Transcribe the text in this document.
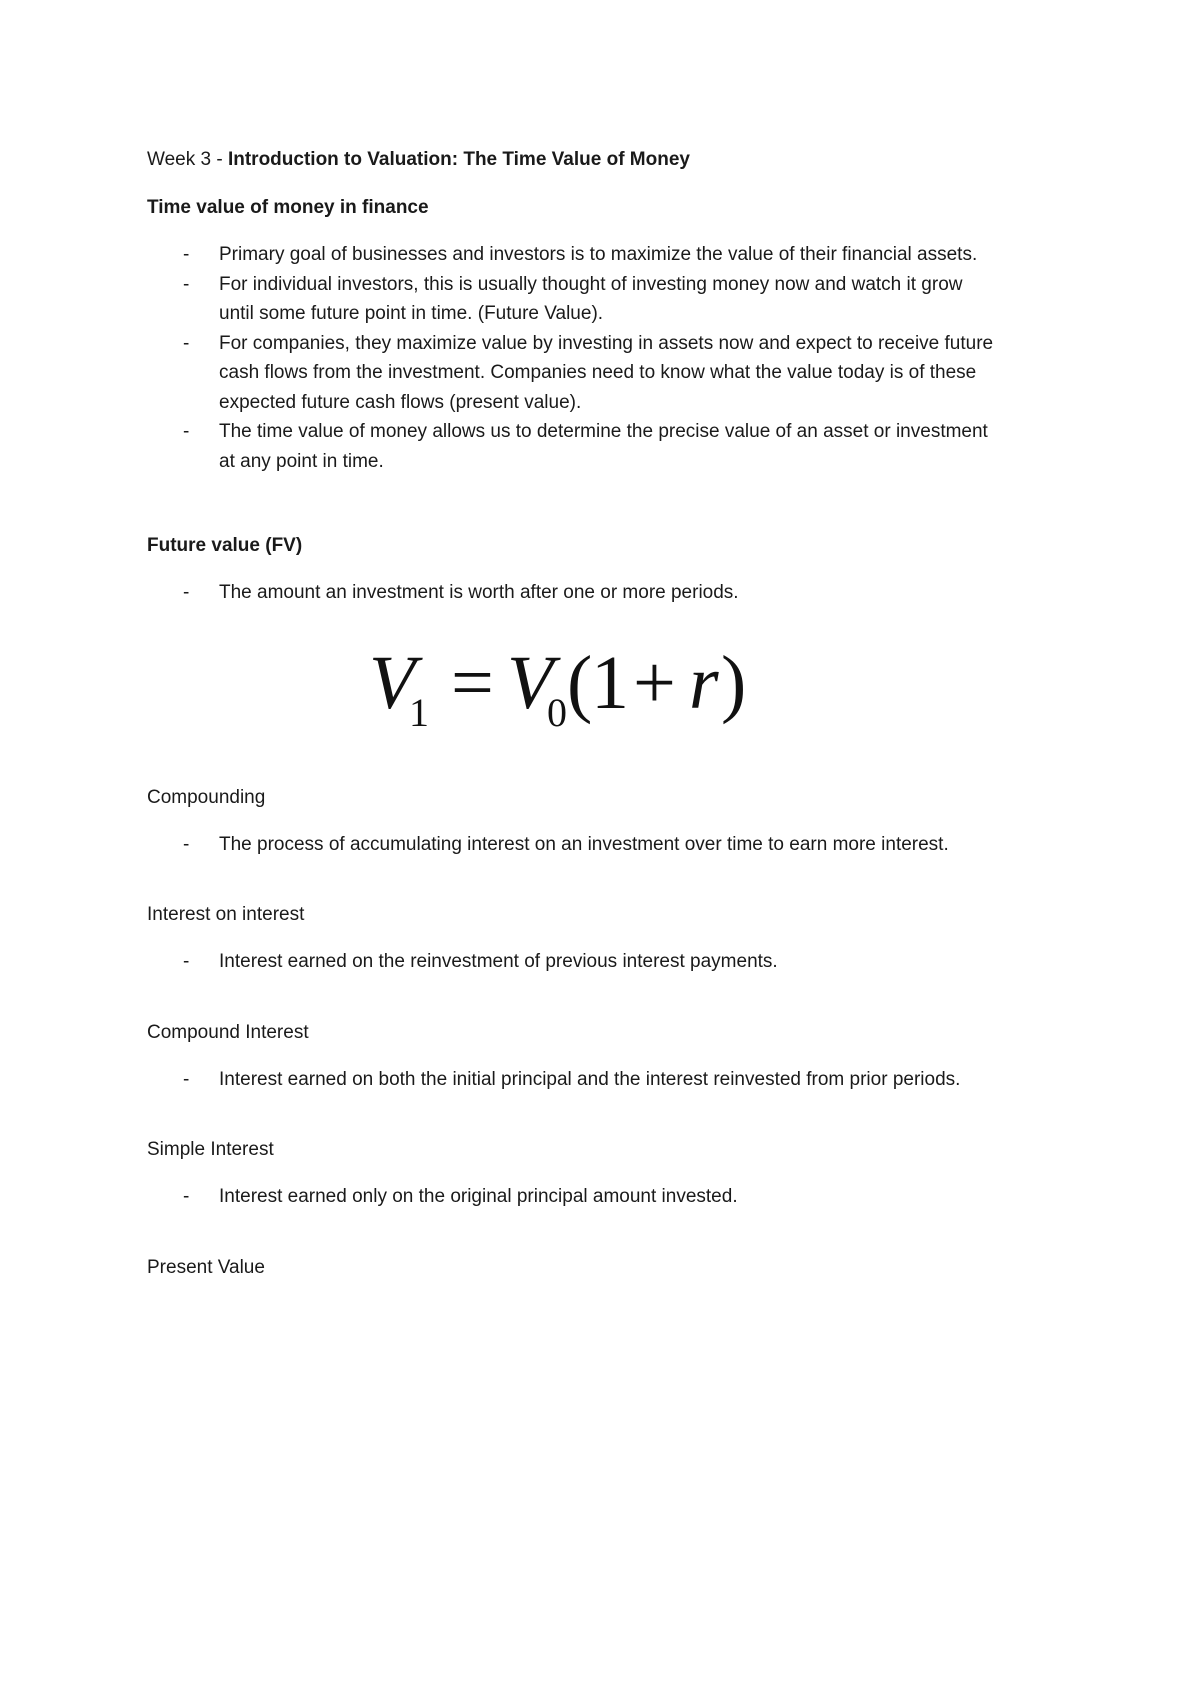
Week 3 - Introduction to Valuation: The Time Value of Money

Time value of money in finance

- Primary goal of businesses and investors is to maximize the value of their financial assets.
- For individual investors, this is usually thought of investing money now and watch it grow
until some future point in time. (Future Value).
- For companies, they maximize value by investing in assets now and expect to receive future
cash flows from the investment. Companies need to know what the value today is of these
expected future cash flows (present value).
- The time value of money allows us to determine the precise value of an asset or investment
at any point in time.

Future value (FV)

- The amount an investment is worth after one or more periods.
V
1 = V
0 (
1 + r )

Compounding

- The process of accumulating interest on an investment over time to earn more interest.

Interest on interest

- Interest earned on the reinvestment of previous interest payments.

Compound Interest

- Interest earned on both the initial principal and the interest reinvested from prior periods.

Simple Interest

- Interest earned only on the original principal amount invested.

Present Value
